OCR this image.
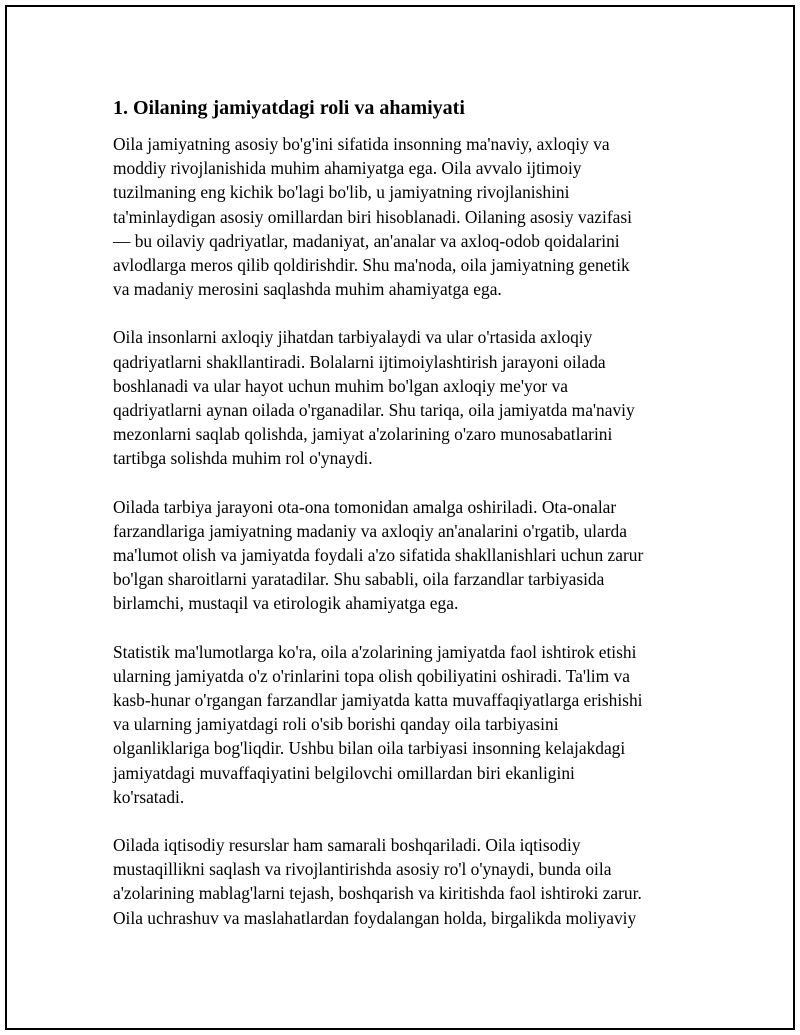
1. Oilaning jamiyatdagi roli va ahamiyati
Oila jamiyatning asosiy bo'g'ini sifatida insonning ma'naviy, axloqiy va
moddiy rivojlanishida muhim ahamiyatga ega. Oila avvalo ijtimoiy
tuzilmaning eng kichik bo'lagi bo'lib, u jamiyatning rivojlanishini
ta'minlaydigan asosiy omillardan biri hisoblanadi. Oilaning asosiy vazifasi
— bu oilaviy qadriyatlar, madaniyat, an'analar va axloq-odob qoidalarini
avlodlarga meros qilib qoldirishdir. Shu ma'noda, oila jamiyatning genetik
va madaniy merosini saqlashda muhim ahamiyatga ega.
Oila insonlarni axloqiy jihatdan tarbiyalaydi va ular o'rtasida axloqiy
qadriyatlarni shakllantiradi. Bolalarni ijtimoiylashtirish jarayoni oilada
boshlanadi va ular hayot uchun muhim bo'lgan axloqiy me'yor va
qadriyatlarni aynan oilada o'rganadilar. Shu tariqa, oila jamiyatda ma'naviy
mezonlarni saqlab qolishda, jamiyat a'zolarining o'zaro munosabatlarini
tartibga solishda muhim rol o'ynaydi.
Oilada tarbiya jarayoni ota-ona tomonidan amalga oshiriladi. Ota-onalar
farzandlariga jamiyatning madaniy va axloqiy an'analarini o'rgatib, ularda
ma'lumot olish va jamiyatda foydali a'zo sifatida shakllanishlari uchun zarur
bo'lgan sharoitlarni yaratadilar. Shu sababli, oila farzandlar tarbiyasida
birlamchi, mustaqil va etirologik ahamiyatga ega.
Statistik ma'lumotlarga ko'ra, oila a'zolarining jamiyatda faol ishtirok etishi
ularning jamiyatda o'z o'rinlarini topa olish qobiliyatini oshiradi. Ta'lim va
kasb-hunar o'rgangan farzandlar jamiyatda katta muvaffaqiyatlarga erishishi
va ularning jamiyatdagi roli o'sib borishi qanday oila tarbiyasini
olganliklariga bog'liqdir. Ushbu bilan oila tarbiyasi insonning kelajakdagi
jamiyatdagi muvaffaqiyatini belgilovchi omillardan biri ekanligini
ko'rsatadi.
Oilada iqtisodiy resurslar ham samarali boshqariladi. Oila iqtisodiy
mustaqillikni saqlash va rivojlantirishda asosiy ro'l o'ynaydi, bunda oila
a'zolarining mablag'larni tejash, boshqarish va kiritishda faol ishtiroki zarur.
Oila uchrashuv va maslahatlardan foydalangan holda, birgalikda moliyaviy
